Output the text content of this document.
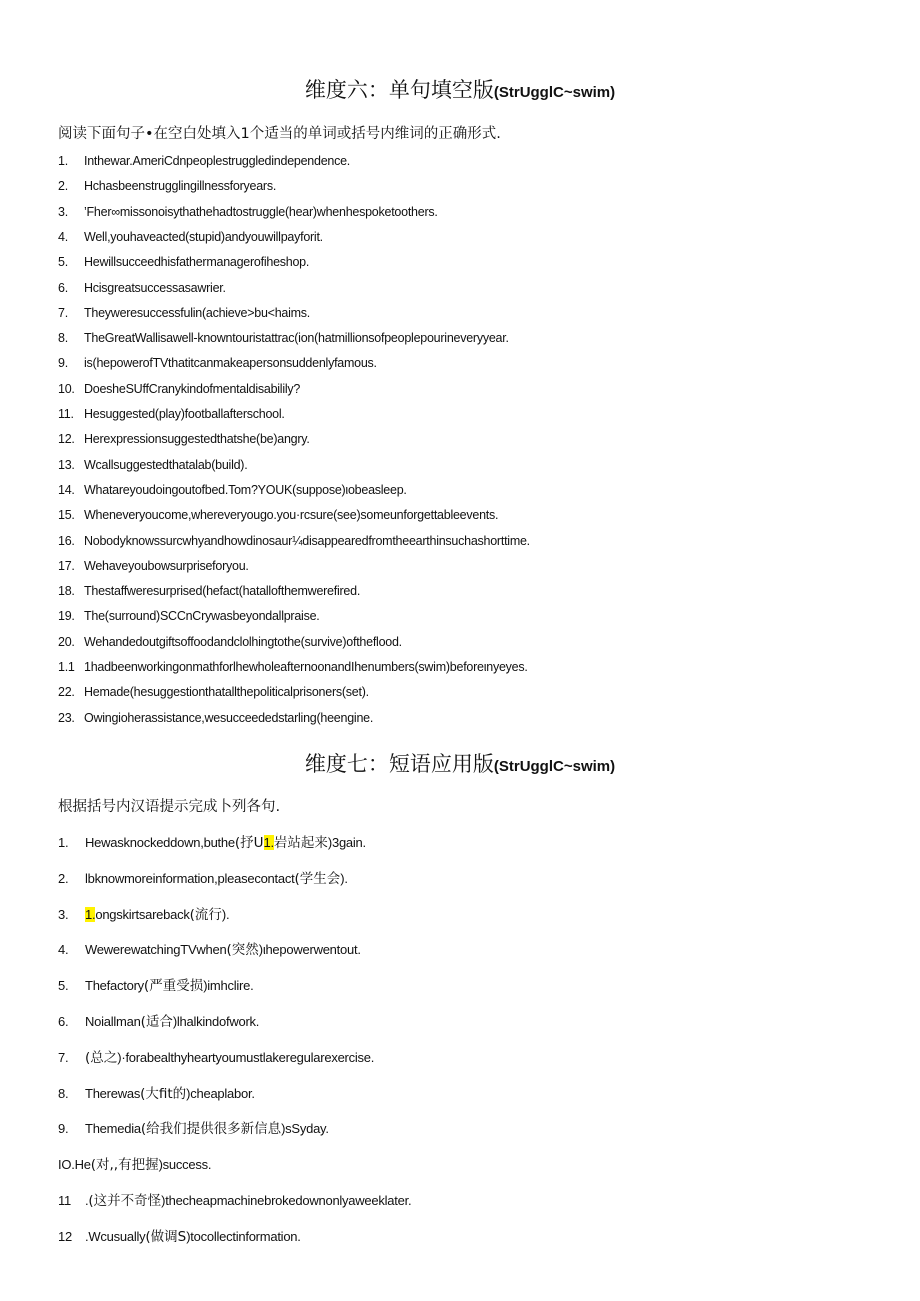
维度六：单句填空版(StrUgglC~swim)
阅读下面句子•在空白处填入1个适当的单词或括号内维词的正确形式.
1. Inthewar.AmeriCdnpeoplestruggledindependence.
2. Hchasbeenstrugglingillnessforyears.
3. ’Fher∞missonoisythathehadtostruggle(hear)whenhespoketoothers.
4. Well,youhaveacted(stupid)andyouwillpayforit.
5. Hewillsucceedhisfathermanagerofiheshop.
6. Hcisgreatsuccessasawrier.
7. Theyweresuccessfulin(achieve>bu<haims.
8. TheGreatWallisawell-knowntouristattrac(ion(hatmillionsofpeoplepourineveryyear.
9. is(hepowerofTVthatitcanmakeapersonsuddenlyfamous.
10. DoesheSUffCranykindofmentaldisabilily?
11. Hesuggested(play)footballafterschool.
12. Herexpressionsuggestedthatshe(be)angry.
13. Wcallsuggestedthatalab(build).
14. Whatareyoudoingoutofbed.Tom?YOUK(suppose)ιobeasleep.
15. Wheneveryoucome,whereveryougo.you·rcsure(see)someunforgettableevents.
16. Nobodyknowssurcwhyandhowdinosaur¼disappearedfromtheearthinsuchashorttime.
17. Wehaveyoubowsurpriseforyou.
18. Thestaffweresurprised(hefact(hatallofthemwerefired.
19. The(surround)SCCnCrywasbeyondallpraise.
20. Wehandedoutgiftsoffoodandclolhingtothe(survive)oftheflood.
1.1 1hadbeenworkingonmathforlhewholeafternoonandIhenumbers(swim)beforeιnyeyes.
22. Hemade(hesuggestionthatallthepoliticalprisoners(set).
23. Owingioherassistance,wesucceededstarling(heengine.
维度七：短语应用版(StrUgglC~swim)
根据括号内汉语提示完成卜列各句.
1. Hewasknockeddown,buthe(抒U1.岩站起来)3gain.
2. lbknowmoreinformation,pleasecontact(学生会).
3. 1.ongskirtsareback(流行).
4. WewerewatchingTVwhen(突然)ιhepowerwentout.
5. Thefactory(严重受损)imhclire.
6. Noiallman(适合)lhalkindofwork.
7. (总之)·forabealthyheartyoumustlakeregularexercise.
8. Therewas(大fit的)cheaplabor.
9. Themedia(给我们提供很多新信息)sSyday.
IO.He(对,,有把握)success.
11 .(这并不奇怪)thecheapmachinebrokedownonlyaweeklater.
12 .Wcusually(做调S)tocollectinformation.
